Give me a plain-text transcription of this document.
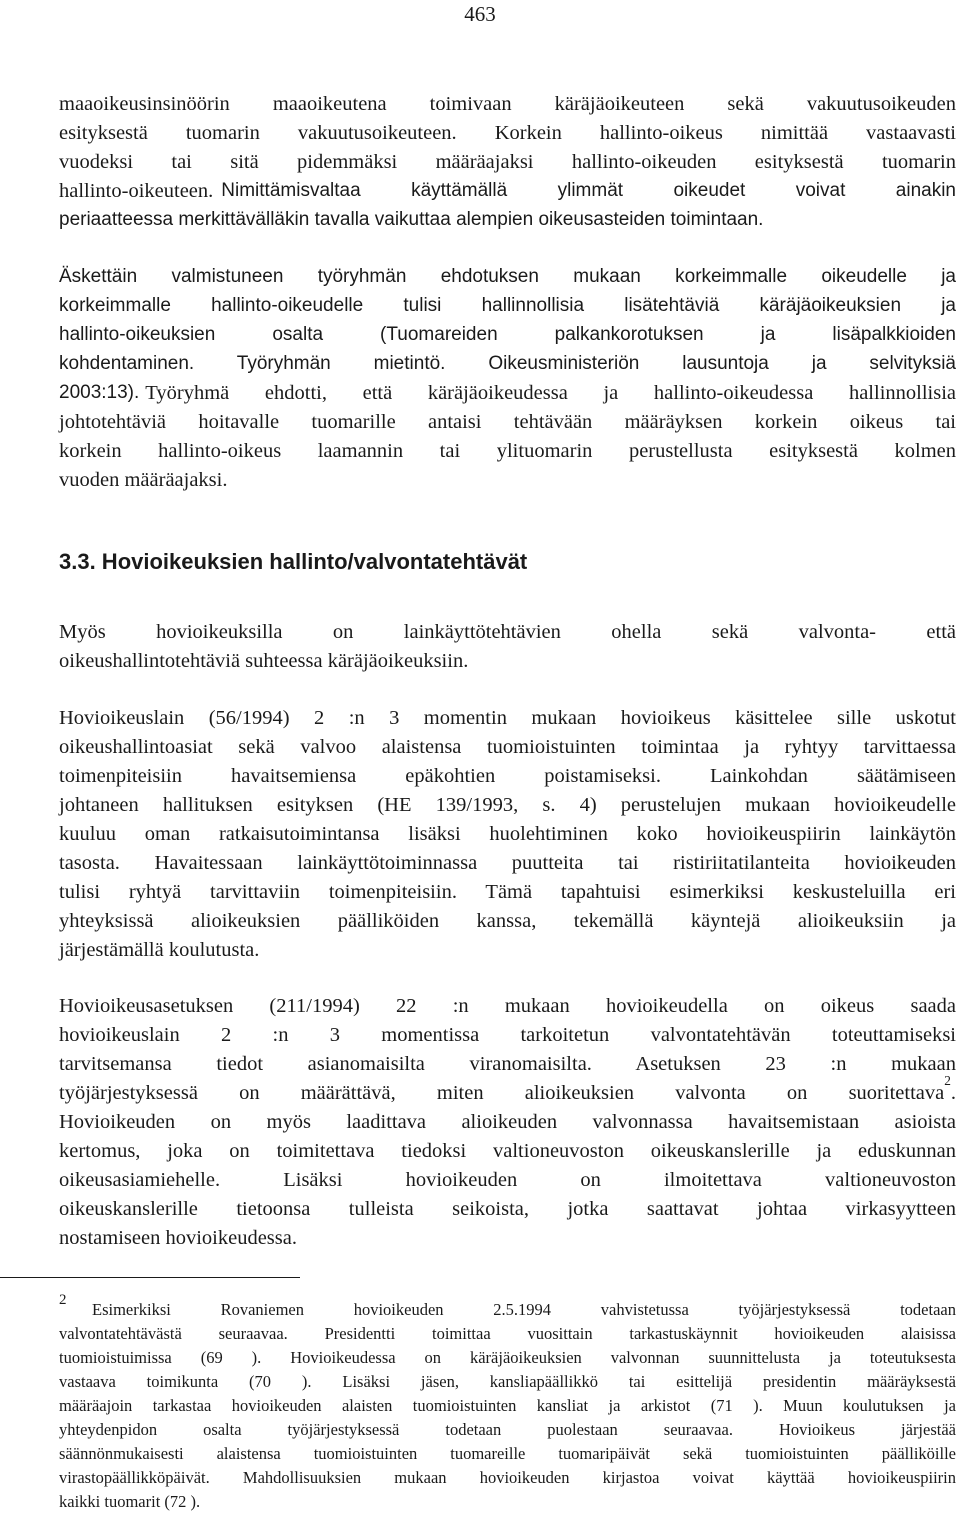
463
maaoikeusinsinöörin maaoikeutena toimivaan käräjäoikeuteen sekä vakuutusoikeuden
esityksestä tuomarin vakuutusoikeuteen. Korkein hallinto-oikeus nimittää vastaavasti
vuodeksi tai sitä pidemmäksi määräajaksi hallinto-oikeuden esityksestä tuomarin
hallinto-oikeuteen. Nimittämisvaltaa käyttämällä ylimmät oikeudet voivat ainakin
periaatteessa merkittävälläkin tavalla vaikuttaa alempien oikeusasteiden toimintaan.
Äskettäin valmistuneen työryhmän ehdotuksen mukaan korkeimmalle oikeudelle ja
korkeimmalle hallinto-oikeudelle tulisi hallinnollisia lisätehtäviä käräjäoikeuksien ja
hallinto-oikeuksien osalta (Tuomareiden palkankorotuksen ja lisäpalkkioiden
kohdentaminen. Työryhmän mietintö. Oikeusministeriön lausuntoja ja selvityksiä
2003:13). Työryhmä ehdotti, että käräjäoikeudessa ja hallinto-oikeudessa hallinnollisia
johtotehtäviä hoitavalle tuomarille antaisi tehtävään määräyksen korkein oikeus tai
korkein hallinto-oikeus laamannin tai ylituomarin perustellusta esityksestä kolmen
vuoden määräajaksi.
3.3. Hovioikeuksien hallinto/valvontatehtävät
Myös hovioikeuksilla on lainkäyttötehtävien ohella sekä valvonta- että
oikeushallintotehtäviä suhteessa käräjäoikeuksiin.
Hovioikeuslain (56/1994) 2 :n 3 momentin mukaan hovioikeus käsittelee sille uskotut
oikeushallintoasiat sekä valvoo alaistensa tuomioistuinten toimintaa ja ryhtyy tarvittaessa
toimenpiteisiin havaitsemiensa epäkohtien poistamiseksi. Lainkohdan säätämiseen
johtaneen hallituksen esityksen (HE 139/1993, s. 4) perustelujen mukaan hovioikeudelle
kuuluu oman ratkaisutoimintansa lisäksi huolehtiminen koko hovioikeuspiirin lainkäytön
tasosta. Havaitessaan lainkäyttötoiminnassa puutteita tai ristiriitatilanteita hovioikeuden
tulisi ryhtyä tarvittaviin toimenpiteisiin. Tämä tapahtuisi esimerkiksi keskusteluilla eri
yhteyksissä alioikeuksien päälliköiden kanssa, tekemällä käyntejä alioikeuksiin ja
järjestämällä koulutusta.
Hovioikeusasetuksen (211/1994) 22 :n mukaan hovioikeudella on oikeus saada
hovioikeuslain 2 :n 3 momentissa tarkoitetun valvontatehtävän toteuttamiseksi
tarvitsemansa tiedot asianomaisilta viranomaisilta. Asetuksen 23 :n mukaan
työjärjestyksessä on määrättävä, miten alioikeuksien valvonta on suoritettava
2
.
Hovioikeuden on myös laadittava alioikeuden valvonnassa havaitsemistaan asioista
kertomus, joka on toimitettava tiedoksi valtioneuvoston oikeuskanslerille ja eduskunnan
oikeusasiamiehelle. Lisäksi hovioikeuden on ilmoitettava valtioneuvoston
oikeuskanslerille tietoonsa tulleista seikoista, jotka saattavat johtaa virkasyytteen
nostamiseen hovioikeudessa.
2 Esimerkiksi Rovaniemen hovioikeuden 2.5.1994 vahvistetussa työjärjestyksessä todetaan
valvontatehtävästä seuraavaa. Presidentti toimittaa vuosittain tarkastuskäynnit hovioikeuden alaisissa
tuomioistuimissa (69 ). Hovioikeudessa on käräjäoikeuksien valvonnan suunnittelusta ja toteutuksesta
vastaava toimikunta (70 ). Lisäksi jäsen, kansliapäällikkö tai esittelijä presidentin määräyksestä
määräajoin tarkastaa hovioikeuden alaisten tuomioistuinten kansliat ja arkistot (71 ). Muun koulutuksen ja
yhteydenpidon osalta työjärjestyksessä todetaan puolestaan seuraavaa. Hovioikeus järjestää
säännönmukaisesti alaistensa tuomioistuinten tuomareille tuomaripäivät sekä tuomioistuinten päälliköille
virastopäällikköpäivät. Mahdollisuuksien mukaan hovioikeuden kirjastoa voivat käyttää hovioikeuspiirin
kaikki tuomarit (72 ).
